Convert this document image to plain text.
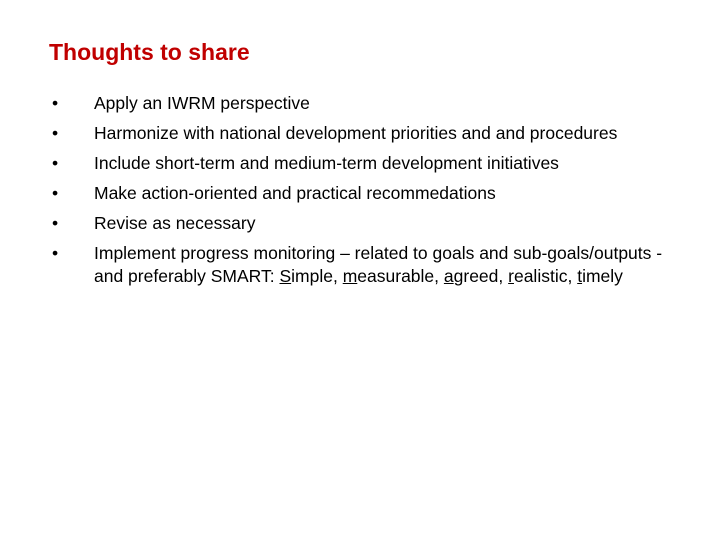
Thoughts to share
• Apply an IWRM perspective
• Harmonize with national development priorities and and procedures
• Include short-term and medium-term development initiatives
• Make action-oriented and practical recommedations
• Revise as necessary
• Implement progress monitoring – related to goals and sub-goals/outputs - and preferably SMART: Simple, measurable, agreed, realistic, timely
